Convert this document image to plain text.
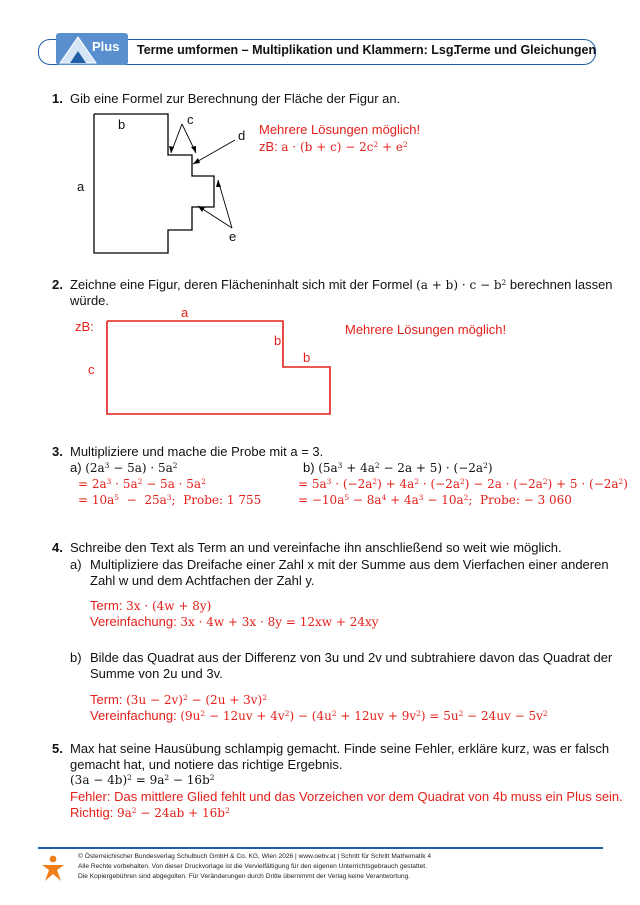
Plus Terme umformen – Multiplikation und Klammern: Lsg.
Terme und Gleichungen
1. Gib eine Formel zur Berechnung der Fläche der Figur an.
b	c
d
a
e
Mehrere Lösungen möglich!
zB: $a \cdot (b + c) - 2c^2 + e^2$
2. Zeichne eine Figur, deren Flächeninhalt sich mit der Formel $(a + b) \cdot c - b^2$ berechnen lassen
würde.
zB:
a
b
b
c
Mehrere Lösungen möglich!
3. Multipliziere und mache die Probe mit a = 3.
a) $(2a^3 - 5a) \cdot 5a^2$
= $2a^3 \cdot 5a^2 - 5a \cdot 5a^2$
= $10a^5 - 25a^3$;  Probe: 1 755
b) $(5a^3 + 4a^2 - 2a + 5) \cdot (-2a^2)$
= $5a^3 \cdot (-2a^2) + 4a^2 \cdot (-2a^2) - 2a \cdot (-2a^2) + 5 \cdot (-2a^2)$
= $-10a^5 - 8a^4 + 4a^3 - 10a^2$;  Probe: − 3 060
4. Schreibe den Text als Term an und vereinfache ihn anschließend so weit wie möglich.
a) Multipliziere das Dreifache einer Zahl x mit der Summe aus dem Vierfachen einer anderen
Zahl w und dem Achtfachen der Zahl y.
Term: 3x · (4w + 8y)
Vereinfachung: 3x · 4w + 3x · 8y = 12xw + 24xy
b) Bilde das Quadrat aus der Differenz von 3u und 2v und subtrahiere davon das Quadrat der
Summe von 2u und 3v.
Term: $(3u - 2v)^2 - (2u + 3v)^2$
Vereinfachung: $(9u^2 - 12uv + 4v^2) - (4u^2 + 12uv + 9v^2) = 5u^2 - 24uv - 5v^2$
5. Max hat seine Hausübung schlampig gemacht. Finde seine Fehler, erkläre kurz, was er falsch
gemacht hat, und notiere das richtige Ergebnis.
$(3a - 4b)^2 = 9a^2 - 16b^2$
Fehler: Das mittlere Glied fehlt und das Vorzeichen vor dem Quadrat von 4b muss ein Plus sein.
Richtig: $9a^2 - 24ab + 16b^2$
© Österreichischer Bundesverlag Schulbuch GmbH & Co. KG, Wien 2026 | www.oebv.at | Schritt für Schritt Mathematik 4
Alle Rechte vorbehalten. Von dieser Druckvorlage ist die Vervielfältigung für den eigenen Unterrichtsgebrauch gestattet.
Die Kopiergebühren sind abgegolten. Für Veränderungen durch Dritte übernimmt der Verlag keine Verantwortung.
